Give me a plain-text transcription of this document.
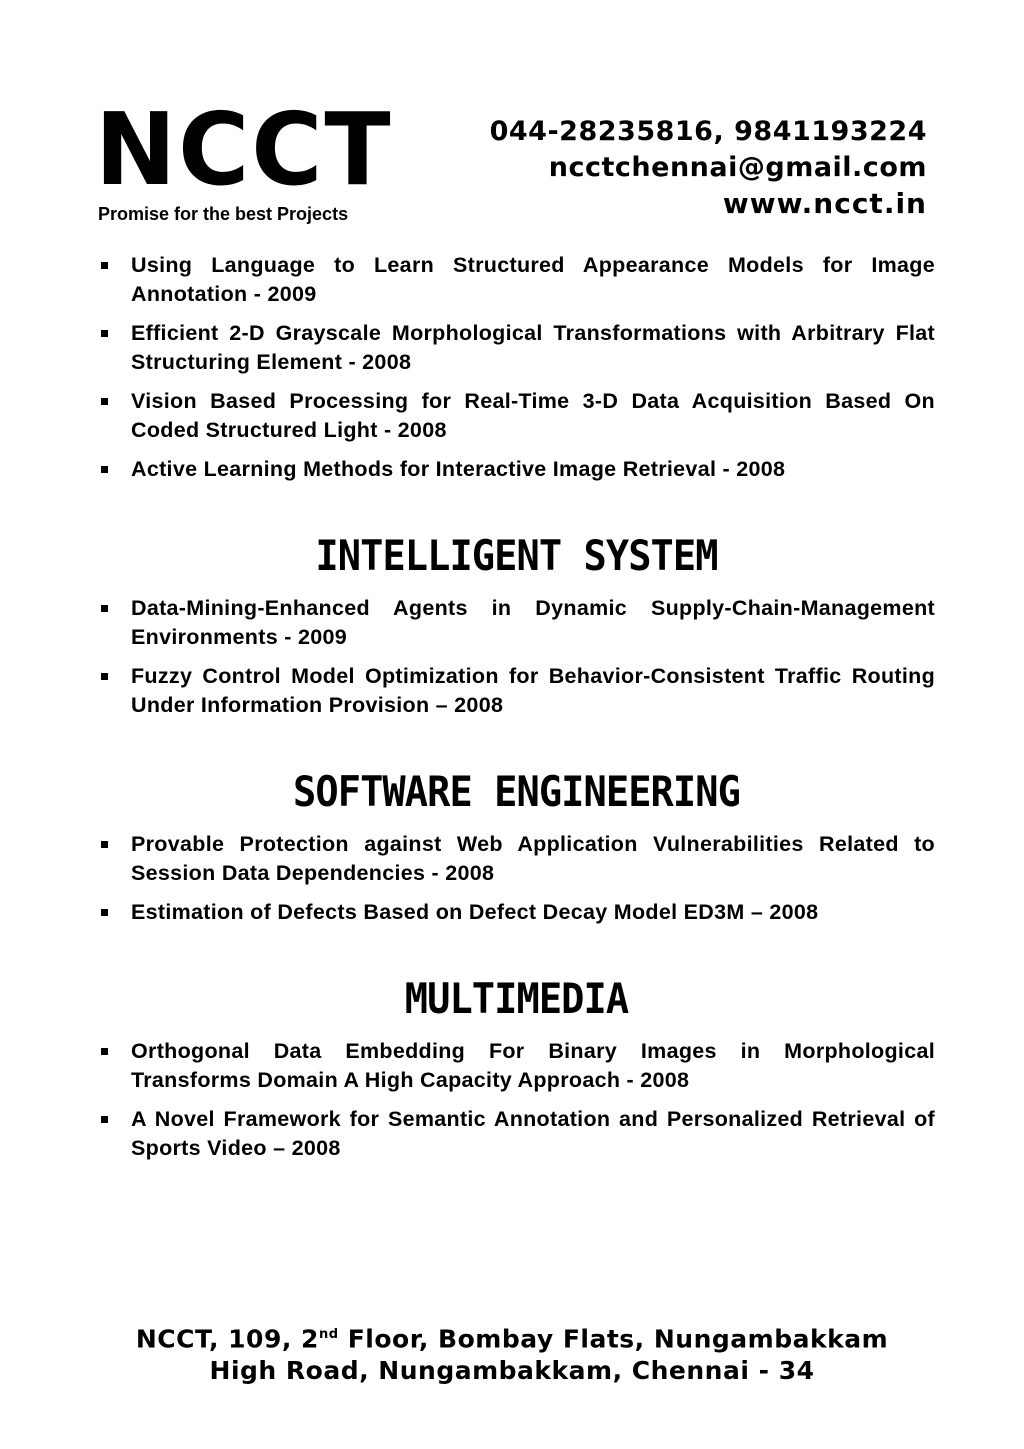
NCCT
Promise for the best Projects
044-28235816, 9841193224
ncctchennai@gmail.com
www.ncct.in
Using Language to Learn Structured Appearance Models for Image Annotation - 2009
Efficient 2-D Grayscale Morphological Transformations with Arbitrary Flat Structuring Element - 2008
Vision Based Processing for Real-Time 3-D Data Acquisition Based On Coded Structured Light - 2008
Active Learning Methods for Interactive Image Retrieval - 2008
INTELLIGENT SYSTEM
Data-Mining-Enhanced Agents in Dynamic Supply-Chain-Management Environments - 2009
Fuzzy Control Model Optimization for Behavior-Consistent Traffic Routing Under Information Provision – 2008
SOFTWARE ENGINEERING
Provable Protection against Web Application Vulnerabilities Related to Session Data Dependencies - 2008
Estimation of Defects Based on Defect Decay Model ED3M – 2008
MULTIMEDIA
Orthogonal Data Embedding For Binary Images in Morphological Transforms Domain A High Capacity Approach - 2008
A Novel Framework for Semantic Annotation and Personalized Retrieval of Sports Video – 2008
NCCT, 109, 2nd Floor, Bombay Flats, Nungambakkam
High Road, Nungambakkam, Chennai - 34
